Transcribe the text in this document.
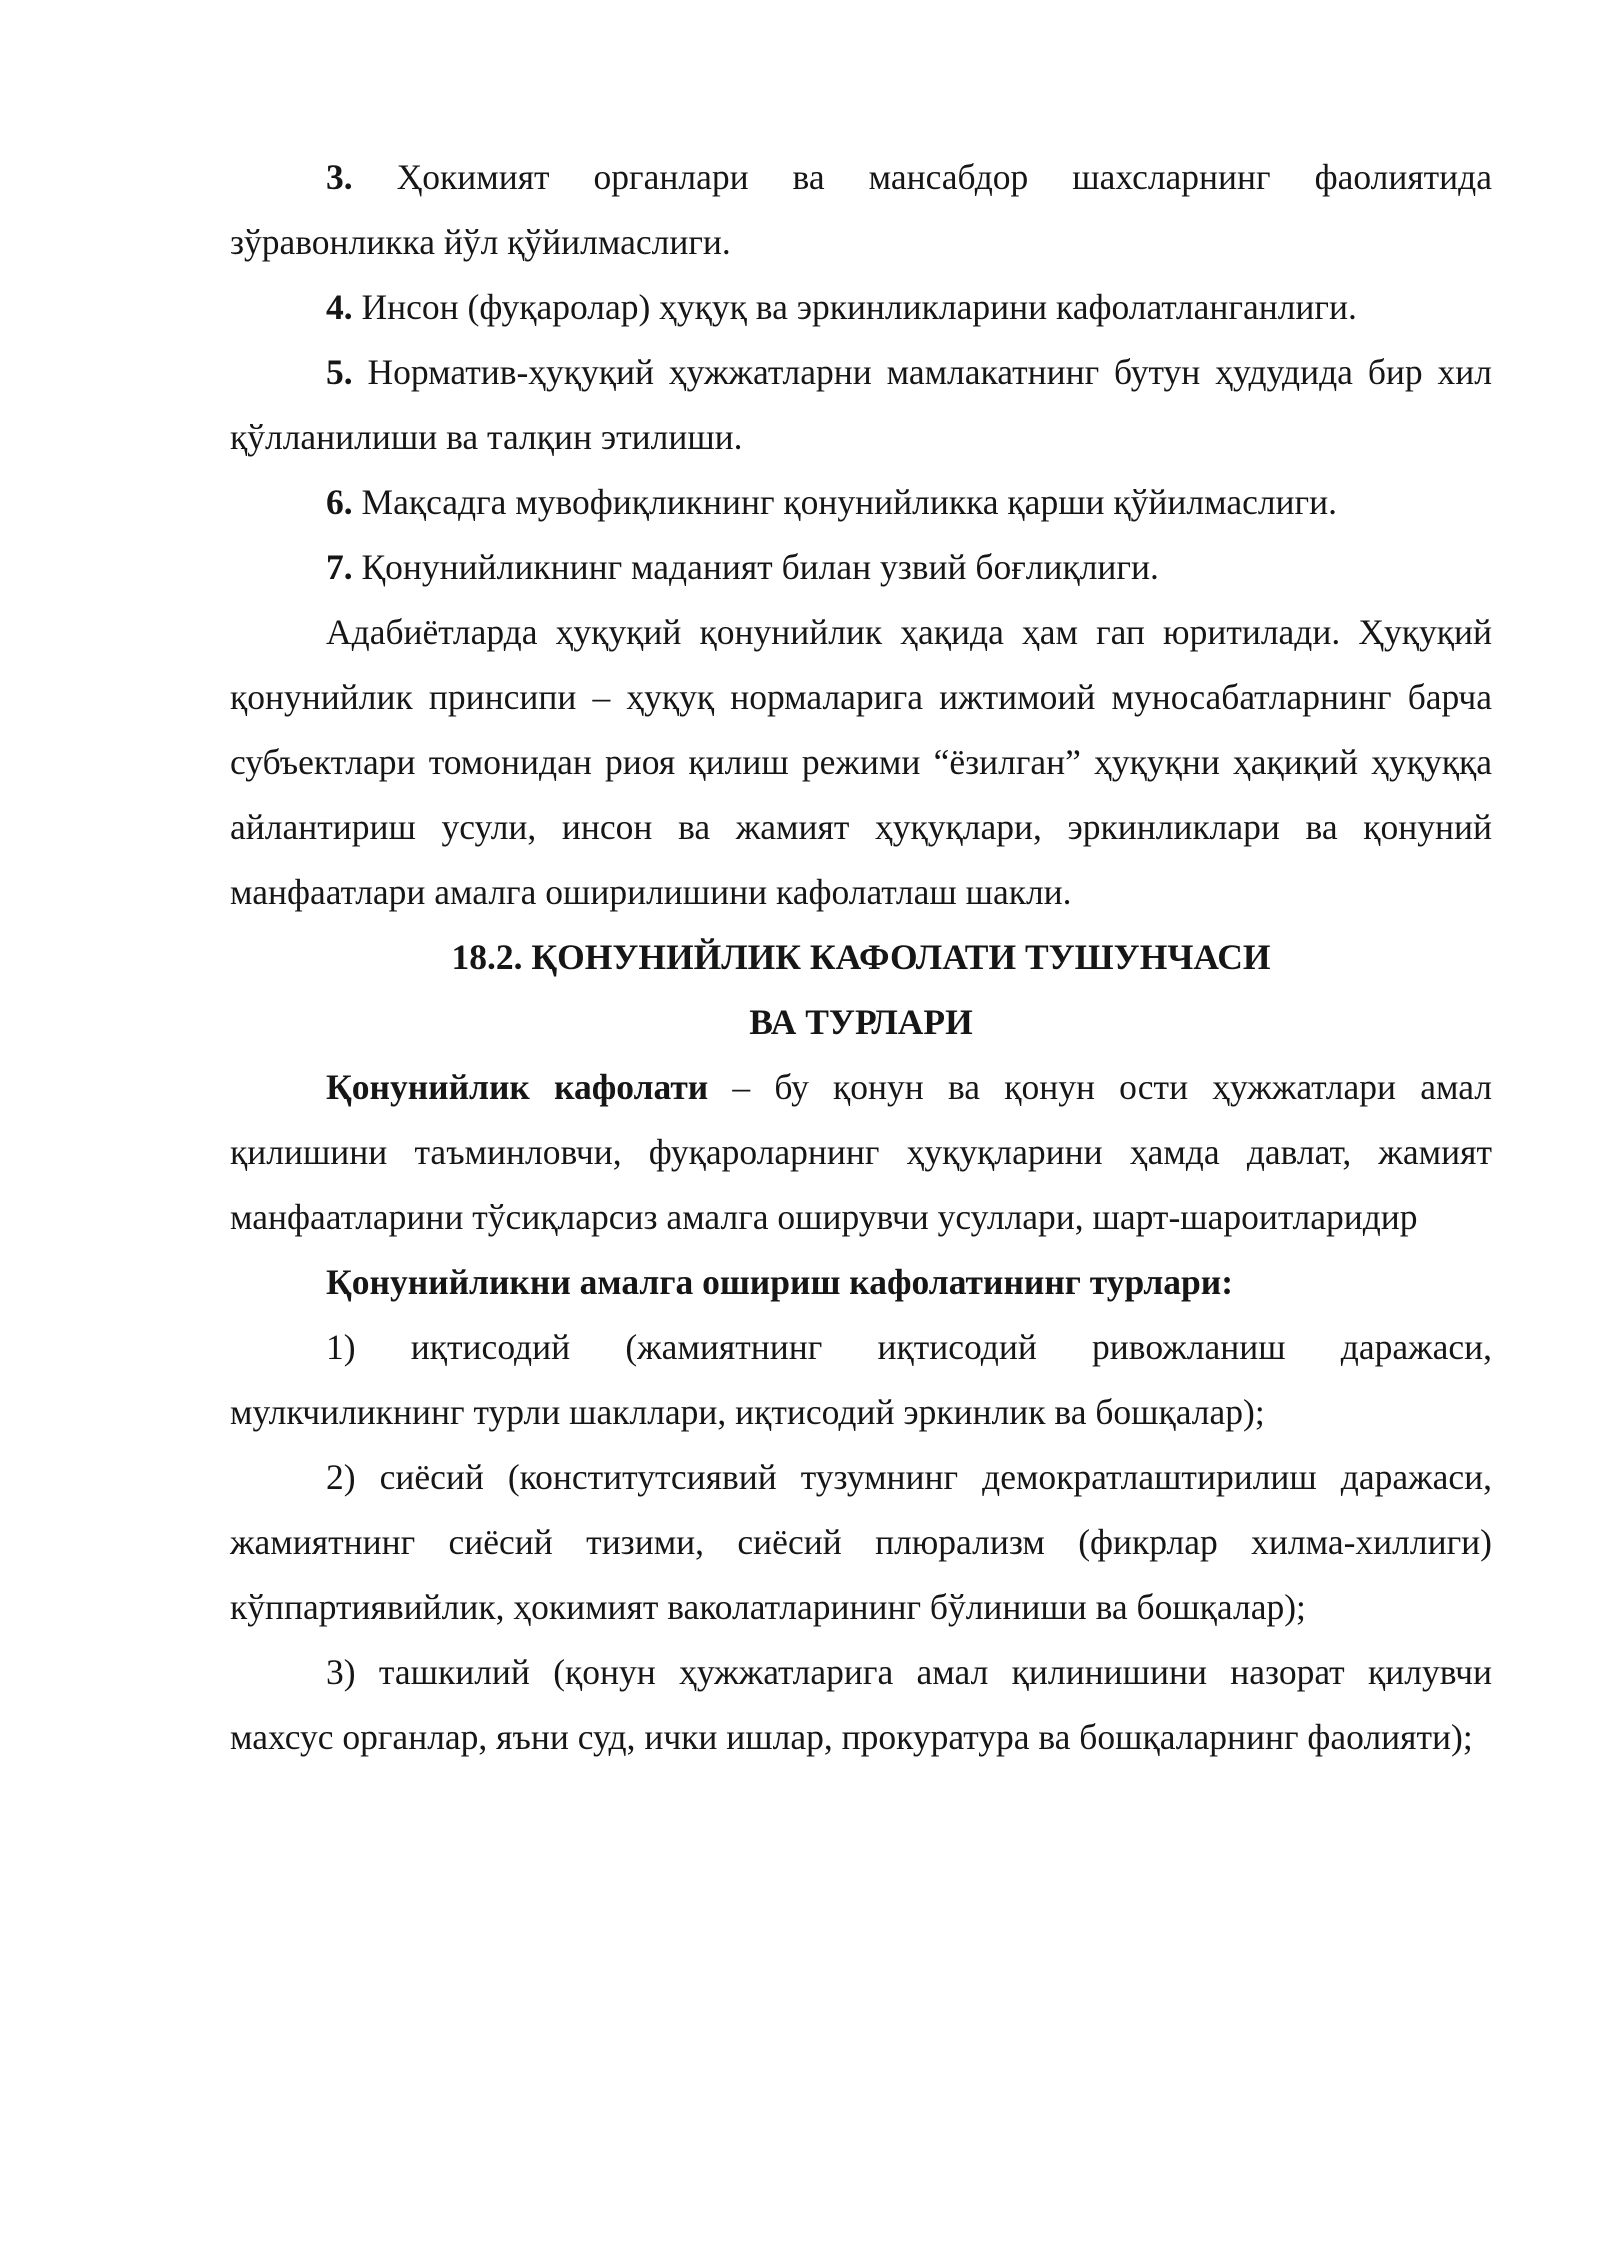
3. Ҳокимият органлари ва мансабдор шахсларнинг фаолиятида зўравонликка йўл қўйилмаслиги.

4. Инсон (фуқаролар) ҳуқуқ ва эркинликларини кафолатланганлиги.

5. Норматив-ҳуқуқий ҳужжатларни мамлакатнинг бутун ҳудудида бир хил қўлланилиши ва талқин этилиши.

6. Мақсадга мувофиқликнинг қонунийликка қарши қўйилмаслиги.

7. Қонунийликнинг маданият билан узвий боғлиқлиги.

Адабиётларда ҳуқуқий қонунийлик ҳақида ҳам гап юритилади. Ҳуқуқий қонунийлик принсипи – ҳуқуқ нормаларига ижтимоий муносабатларнинг барча субъектлари томонидан риоя қилиш режими “ёзилган” ҳуқуқни ҳақиқий ҳуқуққа айлантириш усули, инсон ва жамият ҳуқуқлари, эркинликлари ва қонуний манфаатлари амалга оширилишини кафолатлаш шакли.

18.2. ҚОНУНИЙЛИК КАФОЛАТИ ТУШУНЧАСИ

ВА ТУРЛАРИ

Қонунийлик кафолати – бу қонун ва қонун ости ҳужжатлари амал қилишини таъминловчи, фуқароларнинг ҳуқуқларини ҳамда давлат, жамият манфаатларини тўсиқларсиз амалга оширувчи усуллари, шарт-шароитларидир

Қонунийликни амалга ошириш кафолатининг турлари:

1) иқтисодий (жамиятнинг иқтисодий ривожланиш даражаси, мулкчиликнинг турли шакллари, иқтисодий эркинлик ва бошқалар);

2) сиёсий (конститутсиявий тузумнинг демократлаштирилиш даражаси, жамиятнинг сиёсий тизими, сиёсий плюрализм (фикрлар хилма-хиллиги) кўппартиявийлик, ҳокимият ваколатларининг бўлиниши ва бошқалар);

3) ташкилий (қонун ҳужжатларига амал қилинишини назорат қилувчи махсус органлар, яъни суд, ички ишлар, прокуратура ва бошқаларнинг фаолияти);
